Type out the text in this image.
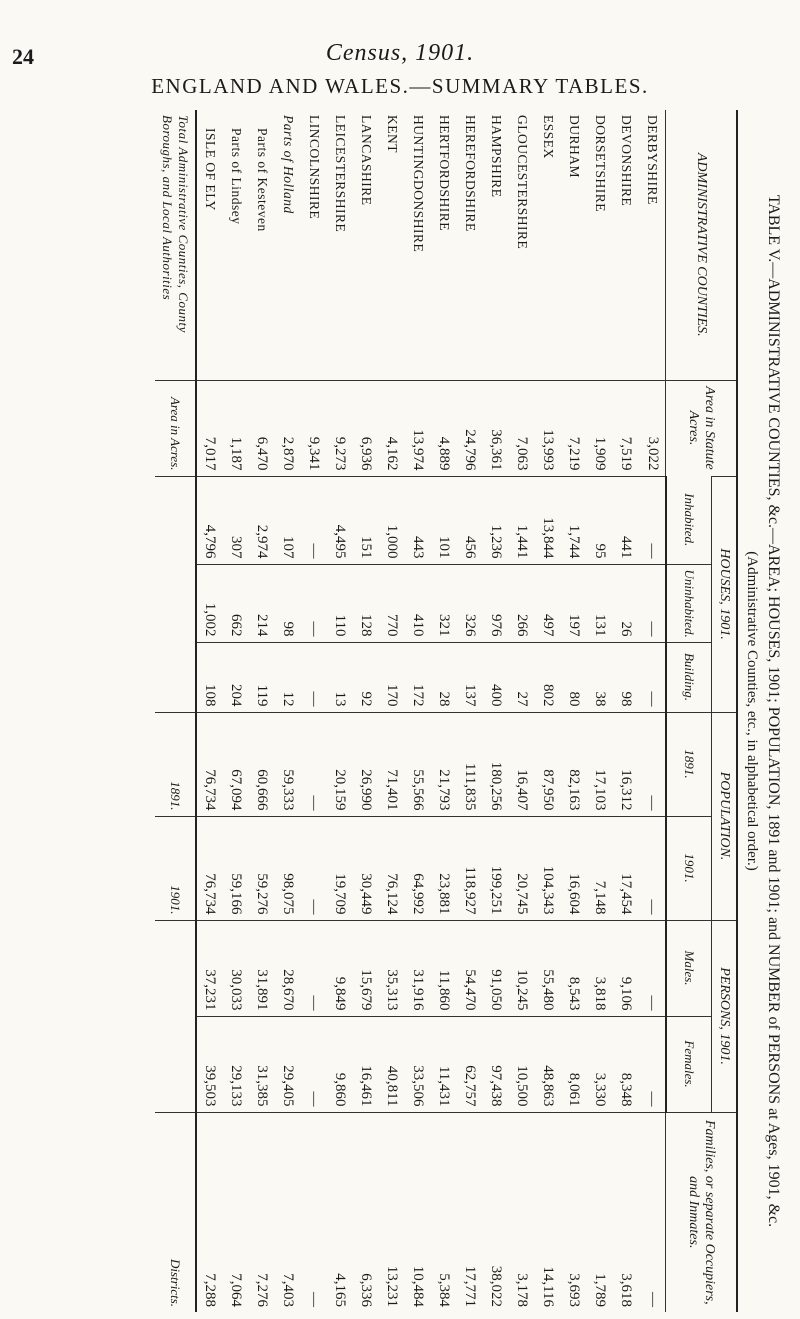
24	Census, 1901.
ENGLAND AND WALES.—SUMMARY TABLES.
TABLE V.—ADMINISTRATIVE COUNTIES, &c.—AREA; HOUSES, 1901; POPULATION, 1891 and 1901; and NUMBER of PERSONS at Ages, 1901, &c.
(Administrative Counties, etc., in alphabetical order.)
ADMINISTRATIVE COUNTIES.	Area in Statute Acres.	HOUSES, 1901.			POPULATION.		PERSONS, 1901.		Families, or separate Occupiers, and Inmates.
		Inhabited.	Uninhabited.	Building.	1891.	1901.	Males.	Females.	
DERBYSHIRE	3,022	—	—	—	—	—	—	—	—
DEVONSHIRE	7,519	441	26	98	16,312	17,454	9,106	8,348	3,618
DORSETSHIRE	1,909	95	131	38	17,103	7,148	3,818	3,330	1,789
DURHAM	7,219	1,744	197	80	82,163	16,604	8,543	8,061	3,693
ESSEX	13,993	13,844	497	802	87,950	104,343	55,480	48,863	14,116
GLOUCESTERSHIRE	7,063	1,441	266	27	16,407	20,745	10,245	10,500	3,178
HAMPSHIRE	36,361	1,236	976	400	180,256	199,251	91,050	97,438	38,022
HEREFORDSHIRE	24,796	456	326	137	111,835	118,927	54,470	62,757	17,771
HERTFORDSHIRE	4,889	101	321	28	21,793	23,881	11,860	11,431	5,384
HUNTINGDONSHIRE	13,974	443	410	172	55,566	64,992	31,916	33,506	10,484
KENT	4,162	1,000	770	170	71,401	76,124	35,313	40,811	13,231
LANCASHIRE	6,936	151	128	92	26,990	30,449	15,679	16,461	6,336
LEICESTERSHIRE	9,273	4,495	110	13	20,159	19,709	9,849	9,860	4,165
LINCOLNSHIRE	9,341	—	—	—	—	—	—	—	—
Parts of Holland	2,870	107	98	12	59,333	98,075	28,670	29,405	7,403
Parts of Kesteven	6,470	2,974	214	119	60,666	59,276	31,891	31,385	7,276
Parts of Lindsey	1,187	307	662	204	67,094	59,166	30,033	29,133	7,064
ISLE OF ELY	7,017	4,796	1,002	108	76,734	76,734	37,231	39,503	7,288
Total Administrative Counties, County Boroughs, and Local Authorities	Area in Acres.				1891.	1901.			Districts.
